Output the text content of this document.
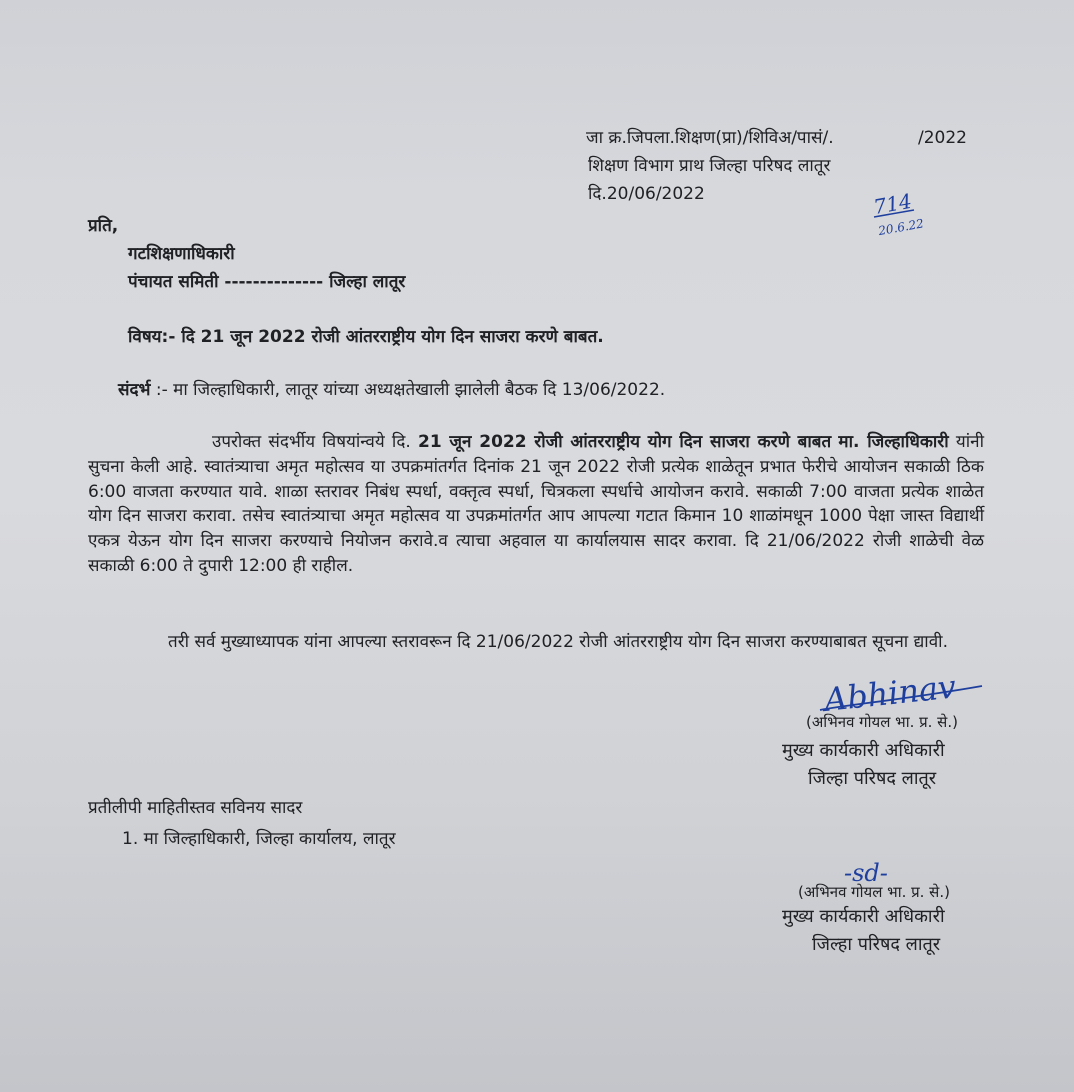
जा क्र.जिपला.शिक्षण(प्रा)/शिविअ/पासं/.	/2022
शिक्षण विभाग प्राथ जिल्हा परिषद लातूर
दि.20/06/2022	714
20.6.22
प्रति,
गटशिक्षणाधिकारी
पंचायत समिती -------------- जिल्हा लातूर
विषय:- दि 21 जून 2022 रोजी आंतरराष्ट्रीय योग दिन साजरा करणे बाबत.
संदर्भ :- मा जिल्हाधिकारी, लातूर यांच्या अध्यक्षतेखाली झालेली बैठक दि 13/06/2022.
उपरोक्त संदर्भीय विषयांन्वये दि. 21 जून 2022 रोजी आंतरराष्ट्रीय योग दिन साजरा करणे बाबत मा. जिल्हाधिकारी यांनी सुचना केली आहे. स्वातंत्र्याचा अमृत महोत्सव या उपक्रमांतर्गत दिनांक 21 जून 2022 रोजी प्रत्येक शाळेतून प्रभात फेरीचे आयोजन सकाळी ठिक 6:00 वाजता करण्यात यावे. शाळा स्तरावर निबंध स्पर्धा, वक्तृत्व स्पर्धा, चित्रकला स्पर्धाचे आयोजन करावे. सकाळी 7:00 वाजता प्रत्येक शाळेत योग दिन साजरा करावा. तसेच स्वातंत्र्याचा अमृत महोत्सव या उपक्रमांतर्गत आप आपल्या गटात किमान 10 शाळांमधून 1000 पेक्षा जास्त विद्यार्थी एकत्र येऊन योग दिन साजरा करण्याचे नियोजन करावे.व त्याचा अहवाल या कार्यालयास सादर करावा. दि 21/06/2022 रोजी शाळेची वेळ सकाळी 6:00 ते दुपारी 12:00 ही राहील.
तरी सर्व मुख्याध्यापक यांना आपल्या स्तरावरून दि 21/06/2022 रोजी आंतरराष्ट्रीय योग दिन साजरा करण्याबाबत सूचना द्यावी.
Abhinav
(अभिनव गोयल भा. प्र. से.)
मुख्य कार्यकारी अधिकारी
जिल्हा परिषद लातूर
प्रतीलीपी माहितीस्तव सविनय सादर
1. मा जिल्हाधिकारी, जिल्हा कार्यालय, लातूर
-sd-
(अभिनव गोयल भा. प्र. से.)
मुख्य कार्यकारी अधिकारी
जिल्हा परिषद लातूर
